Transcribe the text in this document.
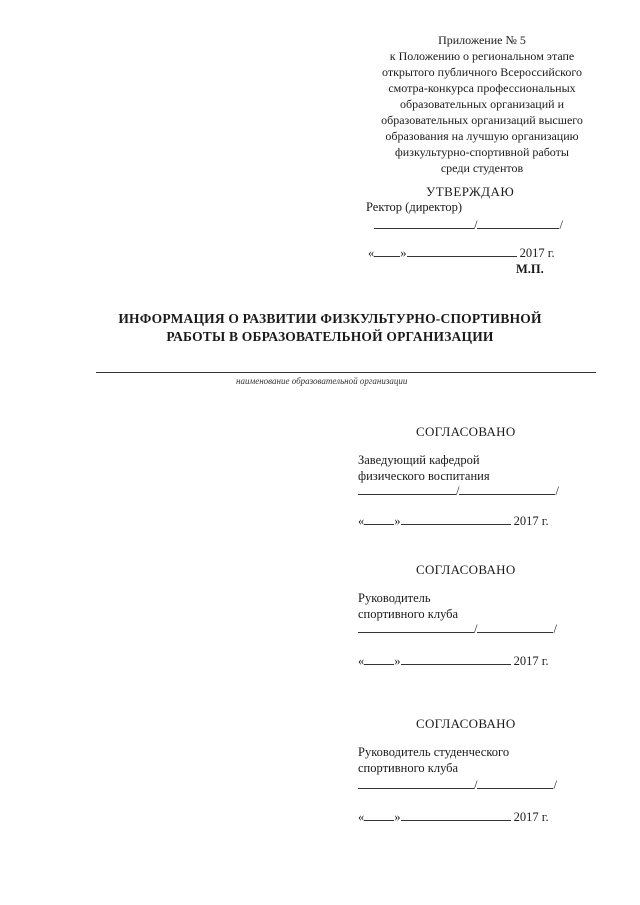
Приложение № 5
к Положению о региональном этапе
открытого публичного Всероссийского
смотра-конкурса профессиональных
образовательных организаций и
образовательных организаций высшего
образования на лучшую организацию
физкультурно-спортивной работы
среди студентов
УТВЕРЖДАЮ
Ректор (директор)
/	/
« »	2017 г.
М.П.
ИНФОРМАЦИЯ О РАЗВИТИИ ФИЗКУЛЬТУРНО-СПОРТИВНОЙ
РАБОТЫ В ОБРАЗОВАТЕЛЬНОЙ ОРГАНИЗАЦИИ
наименование образовательной организации
СОГЛАСОВАНО
Заведующий кафедрой
физического воспитания
/	/
« »	2017 г.
СОГЛАСОВАНО
Руководитель
спортивного клуба
/	/
« »	2017 г.
СОГЛАСОВАНО
Руководитель студенческого
спортивного клуба
/	/
« »	2017 г.
